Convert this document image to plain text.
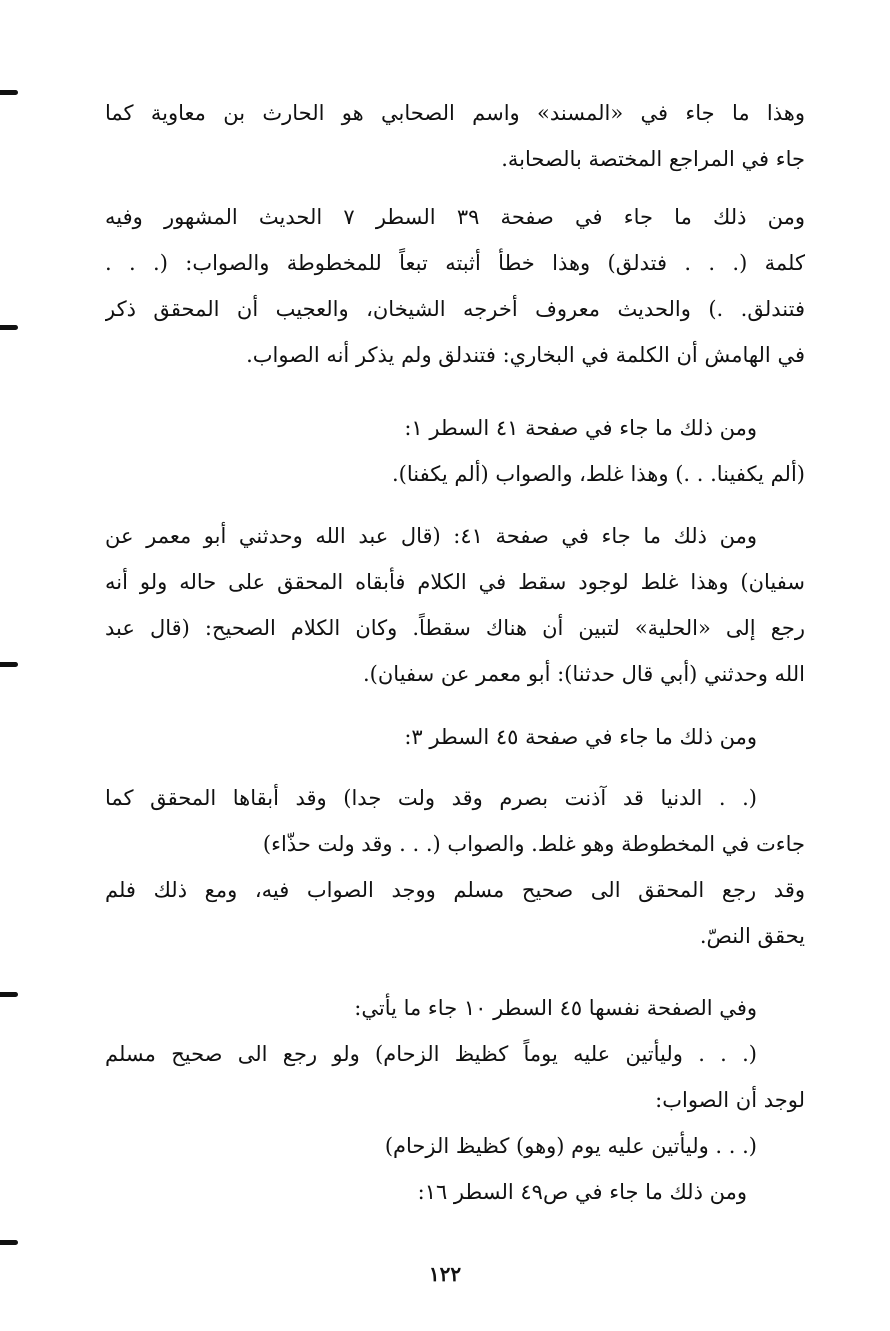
وهذا ما جاء في «المسند» واسم الصحابي هو الحارث بن معاوية كما
جاء في المراجع المختصة بالصحابة.
ومن ذلك ما جاء في صفحة ٣٩ السطر ٧ الحديث المشهور وفيه
كلمة (. . . فتدلق) وهذا خطأ أثبته تبعاً للمخطوطة والصواب: (. . .
فتندلق. .) والحديث معروف أخرجه الشيخان، والعجيب أن المحقق ذكر
في الهامش أن الكلمة في البخاري: فتندلق ولم يذكر أنه الصواب.
ومن ذلك ما جاء في صفحة ٤١ السطر ١:
(ألم يكفينا. . .) وهذا غلط، والصواب (ألم يكفنا).
ومن ذلك ما جاء في صفحة ٤١: (قال عبد الله وحدثني أبو معمر عن
سفيان) وهذا غلط لوجود سقط في الكلام فأبقاه المحقق على حاله ولو أنه
رجع إلى «الحلية» لتبين أن هناك سقطاً. وكان الكلام الصحيح: (قال عبد
الله وحدثني (أبي قال حدثنا): أبو معمر عن سفيان).
ومن ذلك ما جاء في صفحة ٤٥ السطر ٣:
(. . الدنيا قد آذنت بصرم وقد ولت جدا) وقد أبقاها المحقق كما
جاءت في المخطوطة وهو غلط. والصواب (. . . وقد ولت حذّاء)
وقد رجع المحقق الى صحيح مسلم ووجد الصواب فيه، ومع ذلك فلم
يحقق النصّ.
وفي الصفحة نفسها ٤٥ السطر ١٠ جاء ما يأتي:
(. . . وليأتين عليه يوماً كظيظ الزحام) ولو رجع الى صحيح مسلم
لوجد أن الصواب:
(. . . وليأتين عليه يوم (وهو) كظيظ الزحام)
ومن ذلك ما جاء في ص٤٩ السطر ١٦:
١٢٢
